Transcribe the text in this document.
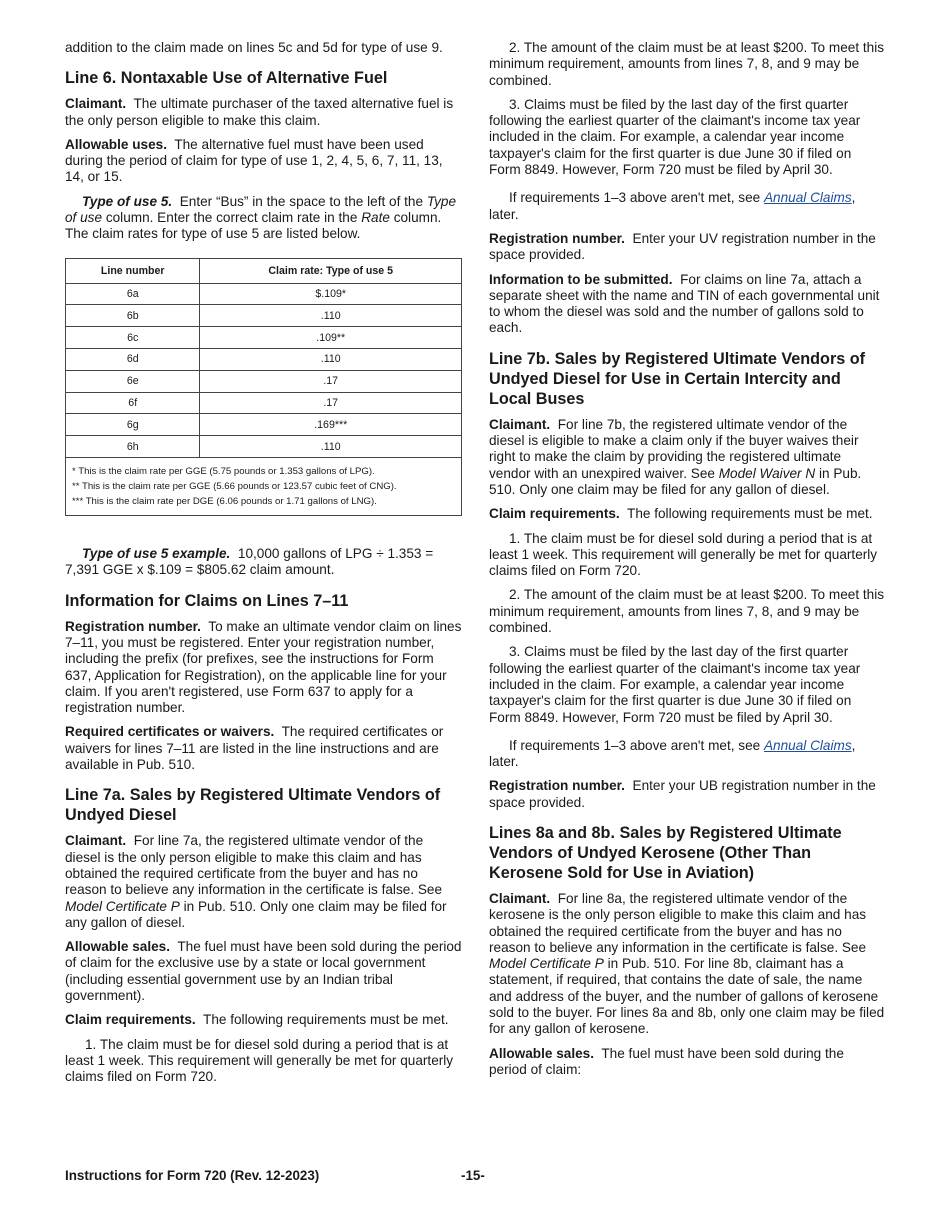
addition to the claim made on lines 5c and 5d for type of use 9.

Line 6. Nontaxable Use of Alternative Fuel

Claimant. The ultimate purchaser of the taxed alternative fuel is the only person eligible to make this claim.

Allowable uses. The alternative fuel must have been used during the period of claim for type of use 1, 2, 4, 5, 6, 7, 11, 13, 14, or 15.

Type of use 5. Enter “Bus” in the space to the left of the Type of use column. Enter the correct claim rate in the Rate column. The claim rates for type of use 5 are listed below.

Line number	Claim rate: Type of use 5
6a	$.109*
6b	.110
6c	.109**
6d	.110
6e	.17
6f	.17
6g	.169***
6h	.110

* This is the claim rate per GGE (5.75 pounds or 1.353 gallons of LPG).
** This is the claim rate per GGE (5.66 pounds or 123.57 cubic feet of CNG).
*** This is the claim rate per DGE (6.06 pounds or 1.71 gallons of LNG).	

Type of use 5 example. 10,000 gallons of LPG ÷ 1.353 = 7,391 GGE x $.109 = $805.62 claim amount.

Information for Claims on Lines 7–11

Registration number. To make an ultimate vendor claim on lines 7–11, you must be registered. Enter your registration number, including the prefix (for prefixes, see the instructions for Form 637, Application for Registration), on the applicable line for your claim. If you aren't registered, use Form 637 to apply for a registration number.

Required certificates or waivers. The required certificates or waivers for lines 7–11 are listed in the line instructions and are available in Pub. 510.

Line 7a. Sales by Registered Ultimate Vendors of Undyed Diesel

Claimant. For line 7a, the registered ultimate vendor of the diesel is the only person eligible to make this claim and has obtained the required certificate from the buyer and has no reason to believe any information in the certificate is false. See Model Certificate P in Pub. 510. Only one claim may be filed for any gallon of diesel.

Allowable sales. The fuel must have been sold during the period of claim for the exclusive use by a state or local government (including essential government use by an Indian tribal government).

Claim requirements. The following requirements must be met.

1. The claim must be for diesel sold during a period that is at least 1 week. This requirement will generally be met for quarterly claims filed on Form 720.

2. The amount of the claim must be at least $200. To meet this minimum requirement, amounts from lines 7, 8, and 9 may be combined.

3. Claims must be filed by the last day of the first quarter following the earliest quarter of the claimant's income tax year included in the claim. For example, a calendar year income taxpayer's claim for the first quarter is due June 30 if filed on Form 8849. However, Form 720 must be filed by April 30.

If requirements 1–3 above aren't met, see Annual Claims, later.

Registration number. Enter your UV registration number in the space provided.

Information to be submitted. For claims on line 7a, attach a separate sheet with the name and TIN of each governmental unit to whom the diesel was sold and the number of gallons sold to each.

Line 7b. Sales by Registered Ultimate Vendors of Undyed Diesel for Use in Certain Intercity and Local Buses

Claimant. For line 7b, the registered ultimate vendor of the diesel is eligible to make a claim only if the buyer waives their right to make the claim by providing the registered ultimate vendor with an unexpired waiver. See Model Waiver N in Pub. 510. Only one claim may be filed for any gallon of diesel.

Claim requirements. The following requirements must be met.

1. The claim must be for diesel sold during a period that is at least 1 week. This requirement will generally be met for quarterly claims filed on Form 720.

2. The amount of the claim must be at least $200. To meet this minimum requirement, amounts from lines 7, 8, and 9 may be combined.

3. Claims must be filed by the last day of the first quarter following the earliest quarter of the claimant's income tax year included in the claim. For example, a calendar year income taxpayer's claim for the first quarter is due June 30 if filed on Form 8849. However, Form 720 must be filed by April 30.

If requirements 1–3 above aren't met, see Annual Claims, later.

Registration number. Enter your UB registration number in the space provided.

Lines 8a and 8b. Sales by Registered Ultimate Vendors of Undyed Kerosene (Other Than Kerosene Sold for Use in Aviation)

Claimant. For line 8a, the registered ultimate vendor of the kerosene is the only person eligible to make this claim and has obtained the required certificate from the buyer and has no reason to believe any information in the certificate is false. See Model Certificate P in Pub. 510. For line 8b, claimant has a statement, if required, that contains the date of sale, the name and address of the buyer, and the number of gallons of kerosene sold to the buyer. For lines 8a and 8b, only one claim may be filed for any gallon of kerosene.

Allowable sales. The fuel must have been sold during the period of claim:

Instructions for Form 720 (Rev. 12-2023)	-15-
